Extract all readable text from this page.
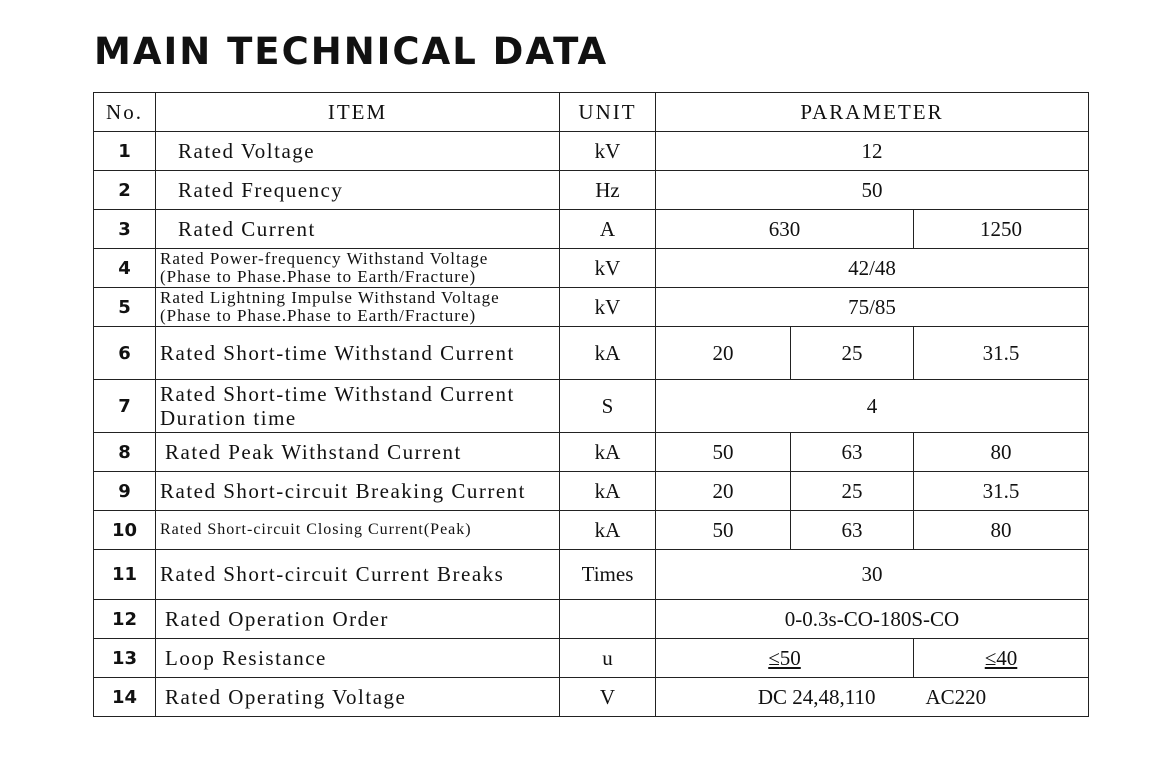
MAIN TECHNICAL DATA
No.	ITEM	UNIT	PARAMETER		
1	Rated Voltage	kV	12		
2	Rated Frequency	Hz	50		
3	Rated Current	A	630		1250
4	Rated Power-frequency Withstand Voltage
(Phase to Phase.Phase to Earth/Fracture)	kV	42/48		
5	Rated Lightning Impulse Withstand Voltage
(Phase to Phase.Phase to Earth/Fracture)	kV	75/85		
6	Rated Short-time Withstand Current	kA	20	25	31.5
7	Rated Short-time Withstand Current
Duration time	S	4		
8	Rated Peak Withstand Current	kA	50	63	80
9	Rated Short-circuit Breaking Current	kA	20	25	31.5
10	Rated Short-circuit Closing Current(Peak)	kA	50	63	80
11	Rated Short-circuit Current Breaks	Times	30		
12	Rated Operation Order		0-0.3s-CO-180S-CO		
13	Loop Resistance	u	≤50		≤40
14	Rated Operating Voltage	V	DC 24,48,110 AC220		
